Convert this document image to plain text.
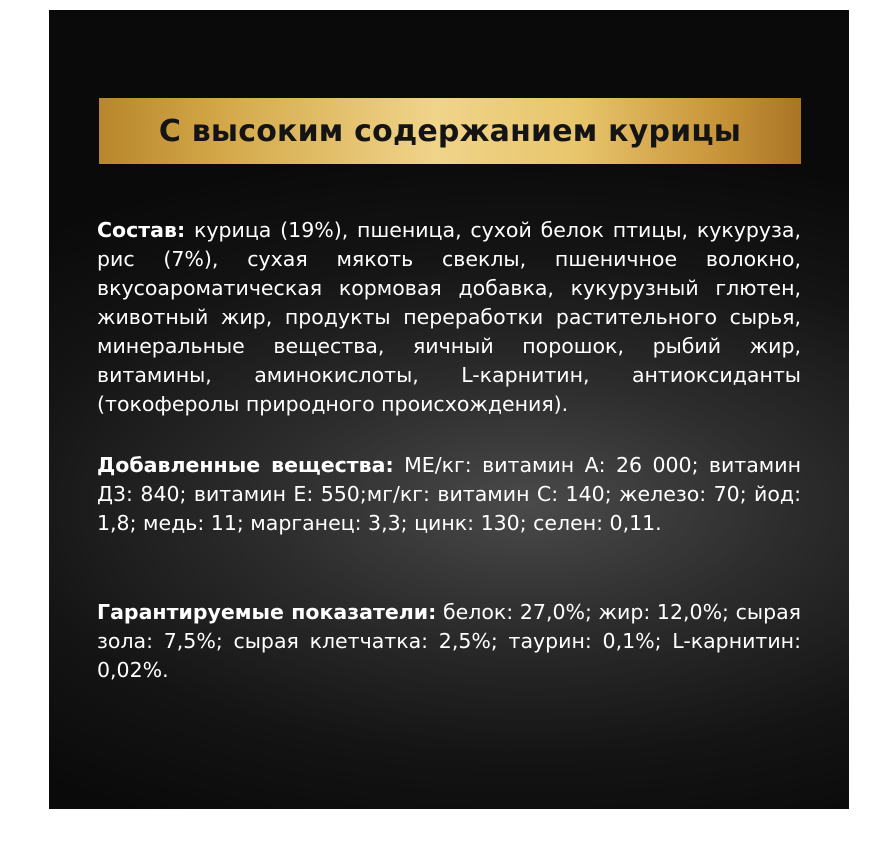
С высоким содержанием курицы
Состав: курица (19%), пшеница, сухой белок птицы, кукуруза, рис (7%), сухая мякоть свеклы, пшеничное волокно, вкусоароматическая кормовая добавка, кукурузный глютен, животный жир, продукты переработки растительного сырья, минеральные вещества, яичный порошок, рыбий жир, витамины, аминокислоты, L-карнитин, антиоксиданты (токоферолы природного происхождения).
Добавленные вещества: МЕ/кг: витамин А: 26 000; витамин Д3: 840; витамин Е: 550;мг/кг: витамин С: 140; железо: 70; йод: 1,8; медь: 11; марганец: 3,3; цинк: 130; селен: 0,11.
Гарантируемые показатели: белок: 27,0%; жир: 12,0%; сырая зола: 7,5%; сырая клетчатка: 2,5%; таурин: 0,1%; L-карнитин: 0,02%.
